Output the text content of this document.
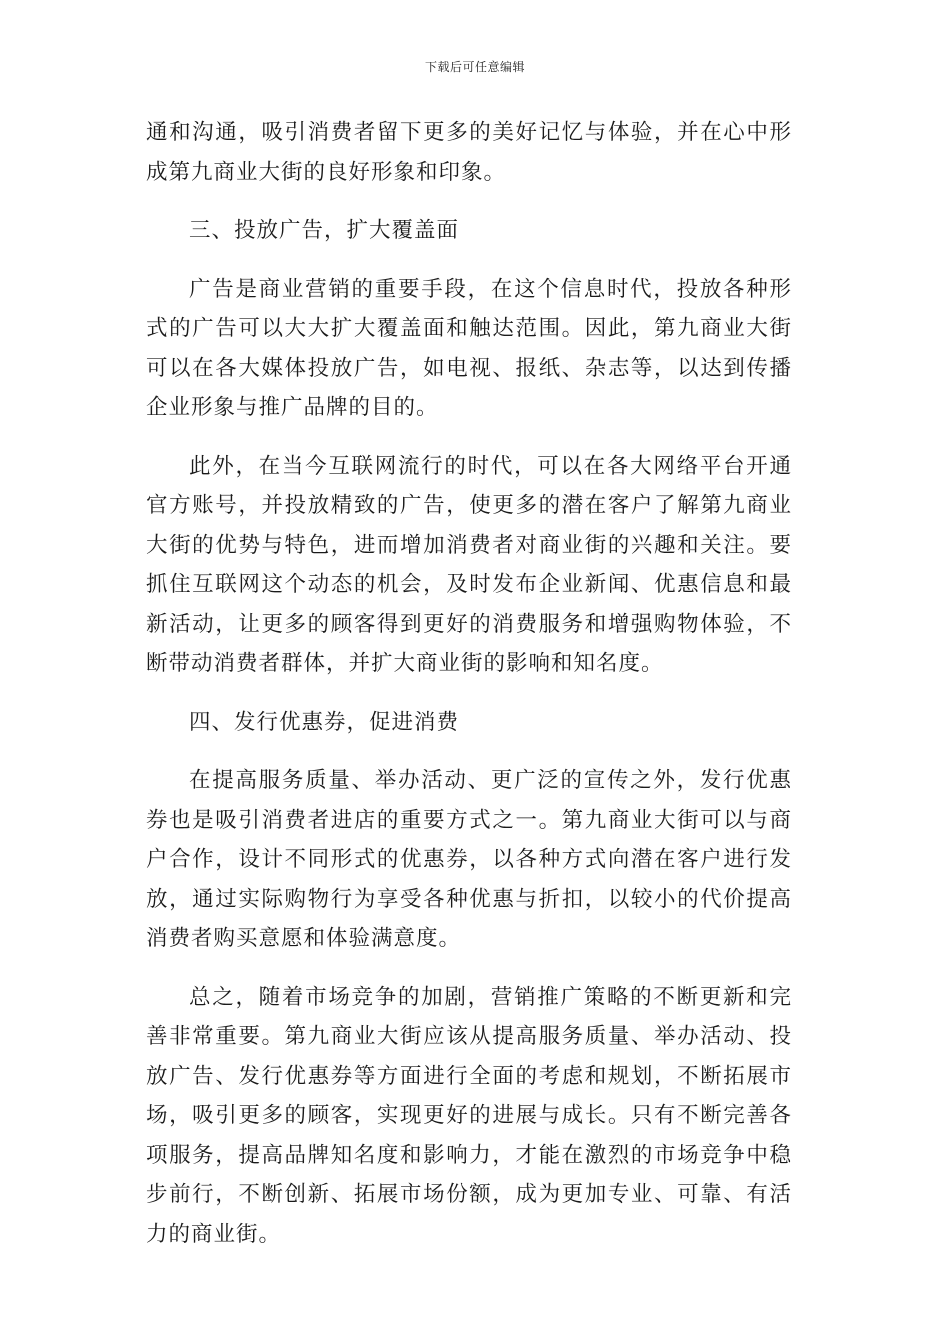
下载后可任意编辑

通和沟通，吸引消费者留下更多的美好记忆与体验，并在心中形成第九商业大街的良好形象和印象。

三、投放广告，扩大覆盖面

广告是商业营销的重要手段，在这个信息时代，投放各种形式的广告可以大大扩大覆盖面和触达范围。因此，第九商业大街可以在各大媒体投放广告，如电视、报纸、杂志等，以达到传播企业形象与推广品牌的目的。

此外，在当今互联网流行的时代，可以在各大网络平台开通官方账号，并投放精致的广告，使更多的潜在客户了解第九商业大街的优势与特色，进而增加消费者对商业街的兴趣和关注。要抓住互联网这个动态的机会，及时发布企业新闻、优惠信息和最新活动，让更多的顾客得到更好的消费服务和增强购物体验，不断带动消费者群体，并扩大商业街的影响和知名度。

四、发行优惠券，促进消费

在提高服务质量、举办活动、更广泛的宣传之外，发行优惠券也是吸引消费者进店的重要方式之一。第九商业大街可以与商户合作，设计不同形式的优惠券，以各种方式向潜在客户进行发放，通过实际购物行为享受各种优惠与折扣，以较小的代价提高消费者购买意愿和体验满意度。

总之，随着市场竞争的加剧，营销推广策略的不断更新和完善非常重要。第九商业大街应该从提高服务质量、举办活动、投放广告、发行优惠券等方面进行全面的考虑和规划，不断拓展市场，吸引更多的顾客，实现更好的进展与成长。只有不断完善各项服务，提高品牌知名度和影响力，才能在激烈的市场竞争中稳步前行，不断创新、拓展市场份额，成为更加专业、可靠、有活力的商业街。
